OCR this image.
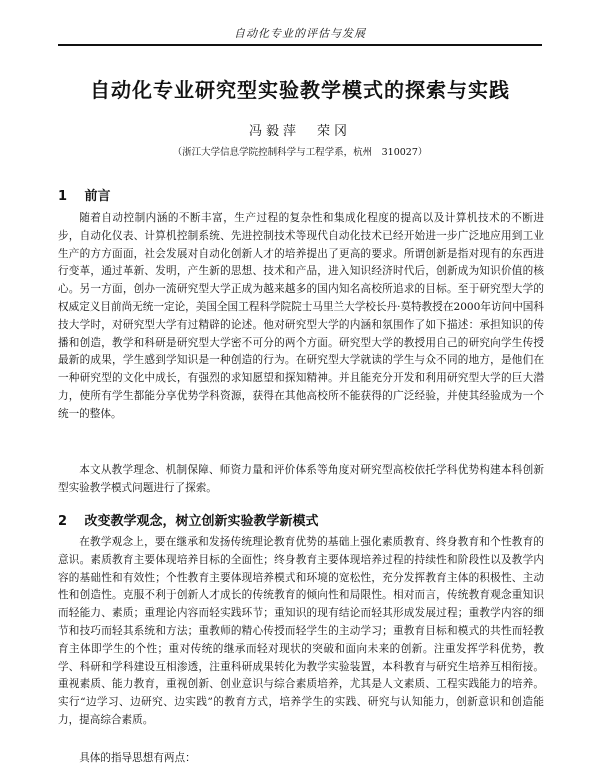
自动化专业的评估与发展
自动化专业研究型实验教学模式的探索与实践
冯毅萍　荣冈
（浙江大学信息学院控制科学与工程学系，杭州　310027）
1 前言

随着自动控制内涵的不断丰富，生产过程的复杂性和集成化程度的提高以及计算机技术的不断进步，自动化仪表、计算机控制系统、先进控制技术等现代自动化技术已经开始进一步广泛地应用到工业生产的方方面面，社会发展对自动化创新人才的培养提出了更高的要求。所谓创新是指对现有的东西进行变革，通过革新、发明，产生新的思想、技术和产品，进入知识经济时代后，创新成为知识价值的核心。另一方面，创办一流研究型大学正成为越来越多的国内知名高校所追求的目标。至于研究型大学的权威定义目前尚无统一定论，美国全国工程科学院院士马里兰大学校长丹·莫特教授在2000年访问中国科技大学时，对研究型大学有过精辟的论述。他对研究型大学的内涵和氛围作了如下描述：承担知识的传播和创造，教学和科研是研究型大学密不可分的两个方面。研究型大学的教授用自己的研究向学生传授最新的成果，学生感到学知识是一种创造的行为。在研究型大学就读的学生与众不同的地方，是他们在一种研究型的文化中成长，有强烈的求知愿望和探知精神。并且能充分开发和利用研究型大学的巨大潜力，使所有学生都能分享优势学科资源，获得在其他高校所不能获得的广泛经验，并使其经验成为一个统一的整体。

本文从教学理念、机制保障、师资力量和评价体系等角度对研究型高校依托学科优势构建本科创新型实验教学模式问题进行了探索。

2 改变教学观念，树立创新实验教学新模式

在教学观念上，要在继承和发扬传统理论教育优势的基础上强化素质教育、终身教育和个性教育的意识。素质教育主要体现培养目标的全面性；终身教育主要体现培养过程的持续性和阶段性以及教学内容的基础性和有效性；个性教育主要体现培养模式和环境的宽松性，充分发挥教育主体的积极性、主动性和创造性。克服不利于创新人才成长的传统教育的倾向性和局限性。相对而言，传统教育观念重知识而轻能力、素质；重理论内容而轻实践环节；重知识的现有结论而轻其形成发展过程；重教学内容的细节和技巧而轻其系统和方法；重教师的精心传授而轻学生的主动学习；重教育目标和模式的共性而轻教育主体即学生的个性；重对传统的继承而轻对现状的突破和面向未来的创新。注重发挥学科优势，教学、科研和学科建设互相渗透，注重科研成果转化为教学实验装置，本科教育与研究生培养互相衔接。重视素质、能力教育，重视创新、创业意识与综合素质培养，尤其是人文素质、工程实践能力的培养。实行“边学习、边研究、边实践”的教育方式，培养学生的实践、研究与认知能力，创新意识和创造能力，提高综合素质。

具体的指导思想有两点：
